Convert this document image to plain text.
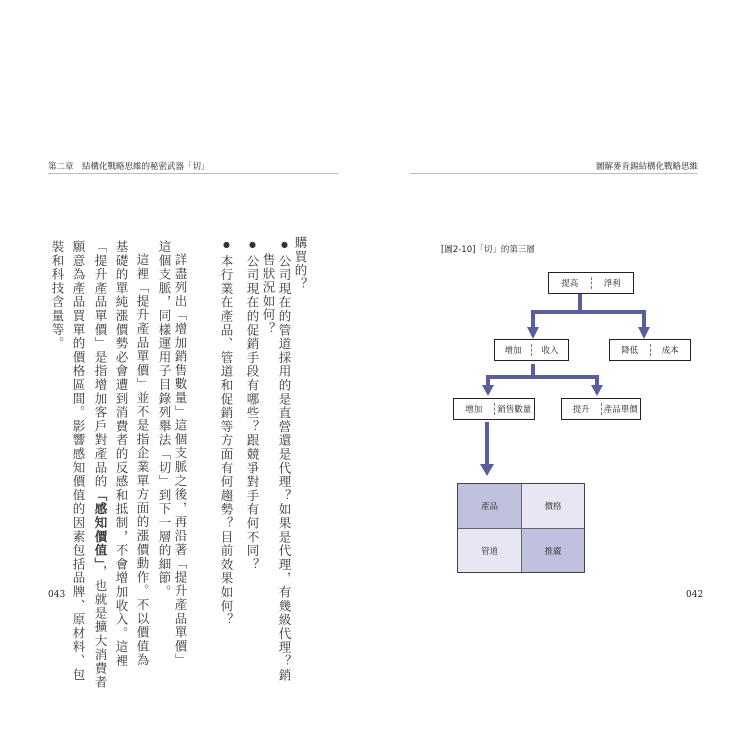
第二章　結構化戰略思維的秘密武器「切」	圖解麥肯錫結構化戰略思維
購買的？
●公司現在的管道採用的是直營還是代理？如果是代理，有幾級代理？銷
售狀況如何？
●公司現在的促銷手段有哪些？跟競爭對手有何不同？
●本行業在產品、管道和促銷等方面有何趨勢？目前效果如何？
詳盡列出「增加銷售數量」這個支脈之後，再沿著「提升產品單價」
這個支脈，同樣運用子目錄列舉法「切」到下一層的細節。
這裡「提升產品單價」並不是指企業單方面的漲價動作。不以價值為
基礎的單純漲價勢必會遭到消費者的反感和抵制，不會增加收入。這裡
「提升產品單價」是指增加客戶對產品的「感知價值」，也就是擴大消費者
願意為產品買單的價格區間。影響感知價值的因素包括品牌、原材料、包
裝和科技含量等。
043	042
[圖2-10]「切」的第三層
提高	淨利
增加	收入	降低	成本
增加	銷售數量	提升	產品單價
產品	價格
管道	推廣
